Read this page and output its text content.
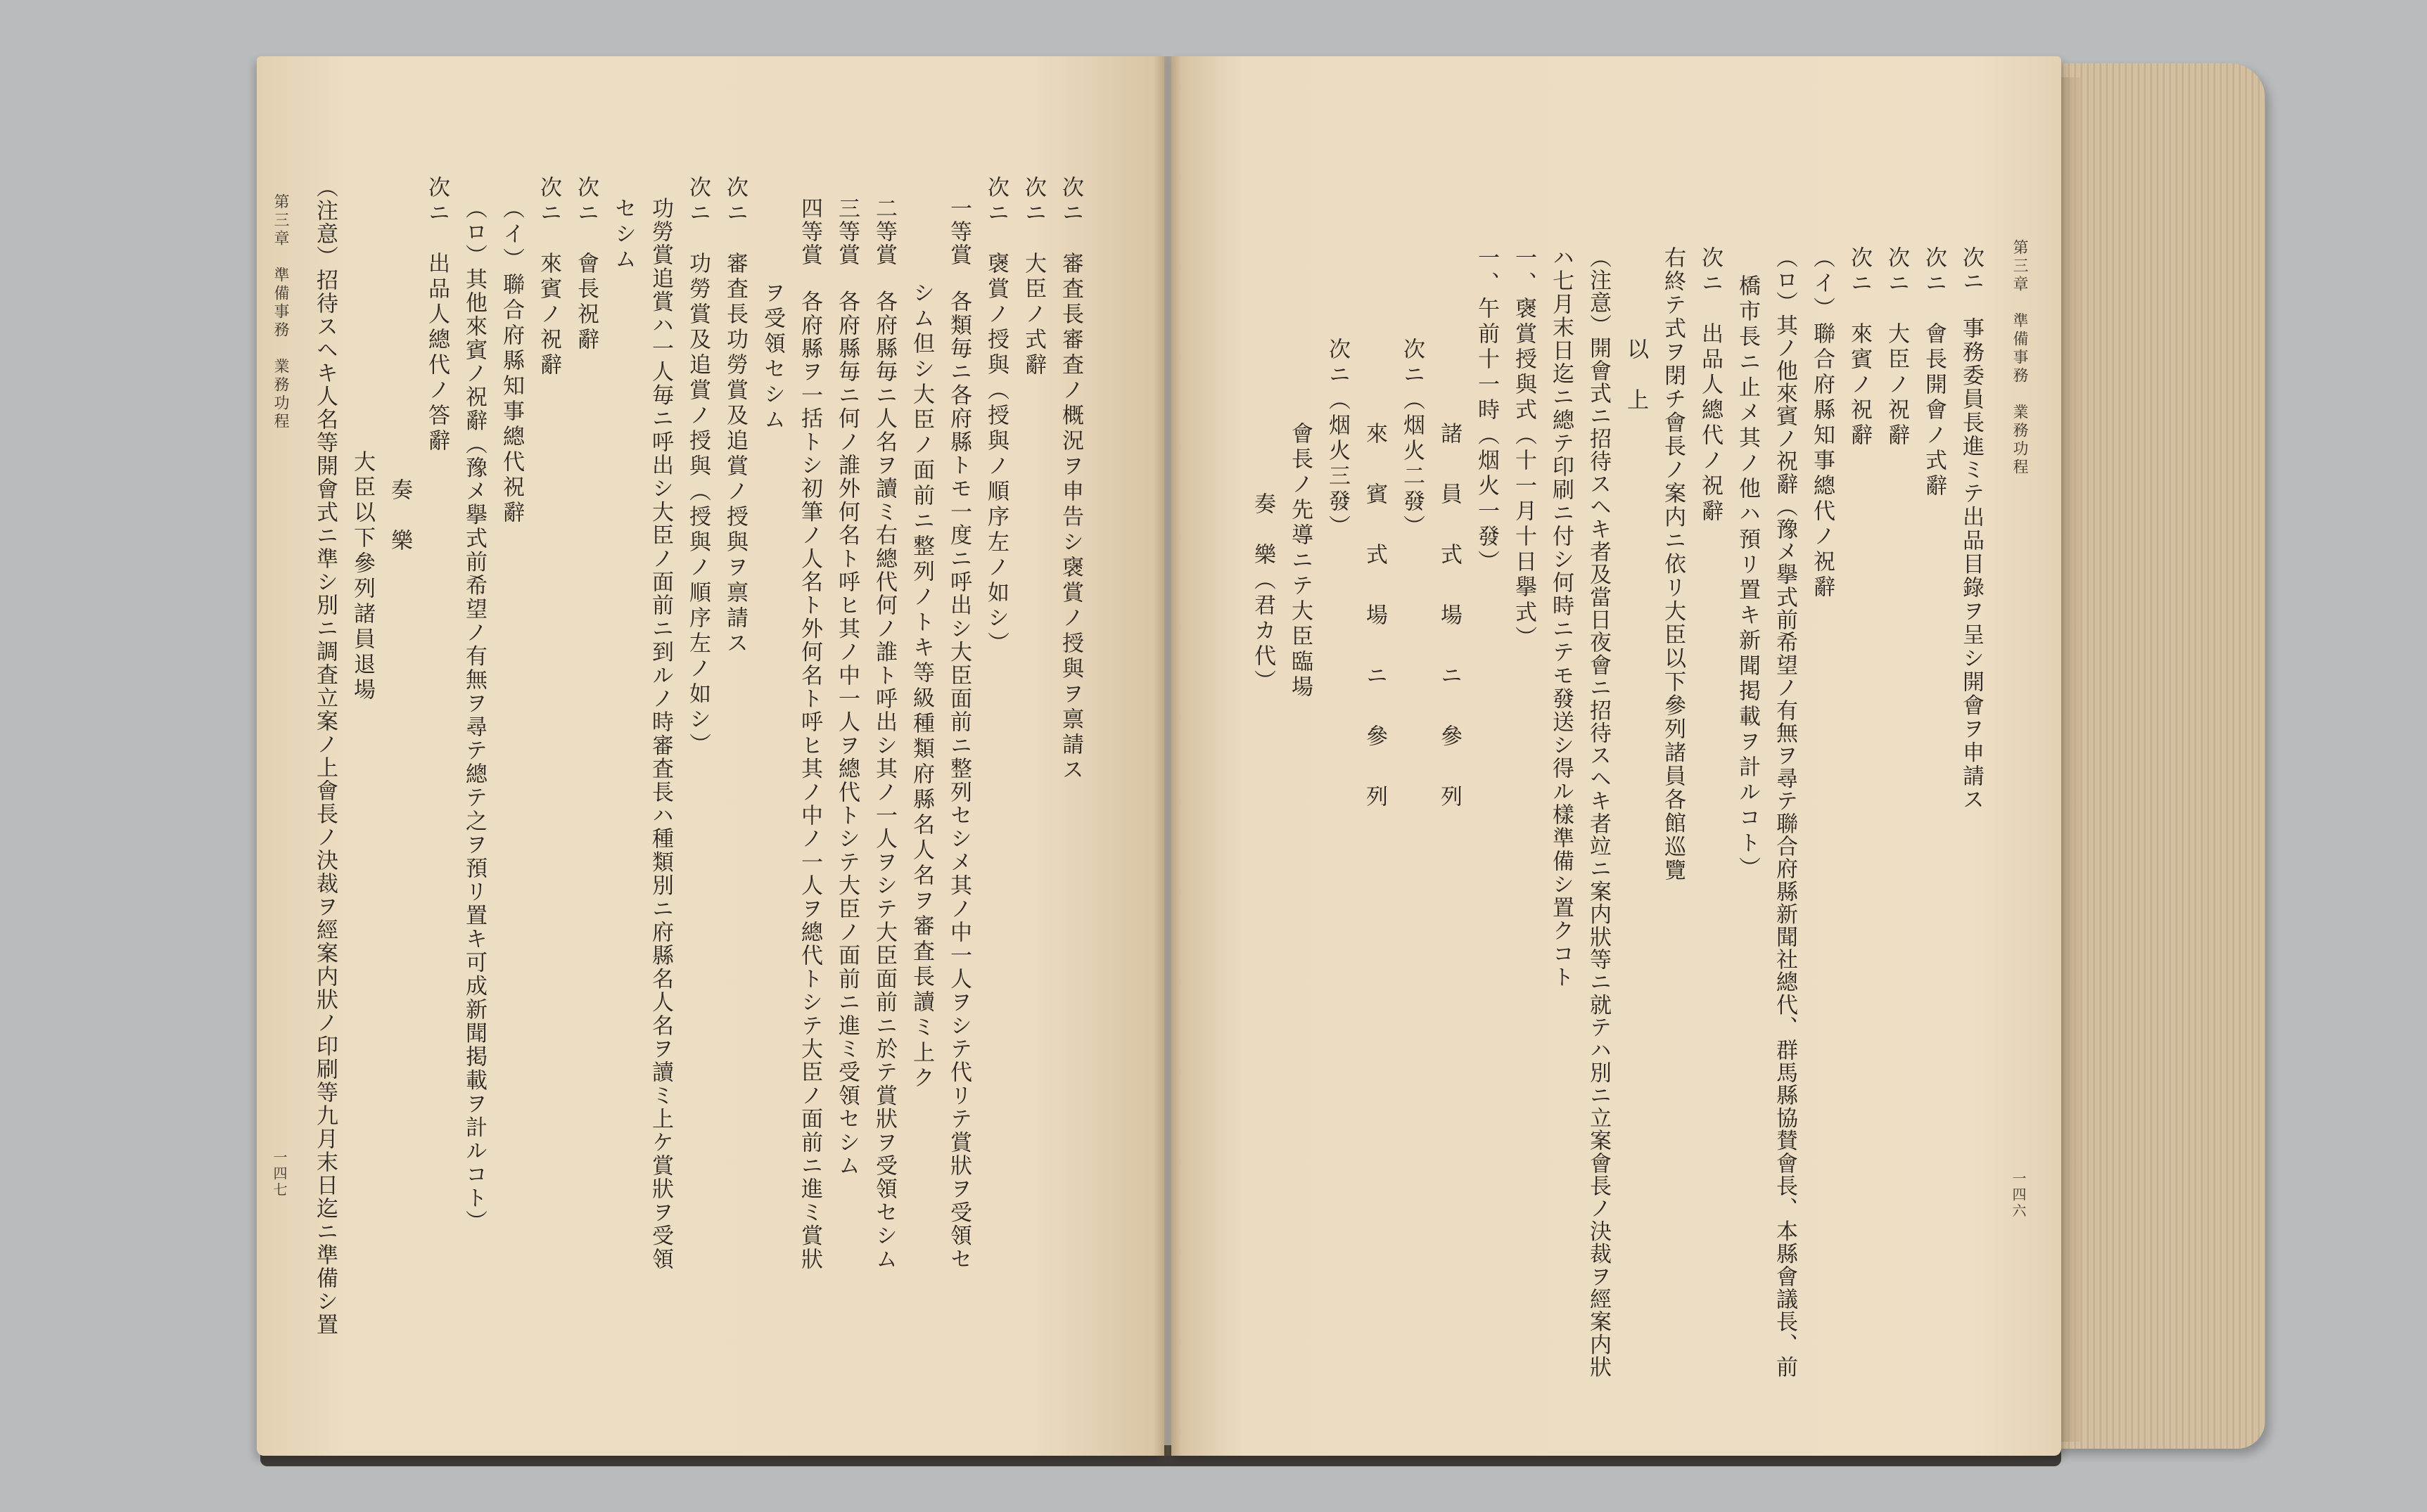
次ニ　審査長審査ノ概況ヲ申告シ襃賞ノ授與ヲ禀請ス
次ニ　大臣ノ式辭
次ニ　襃賞ノ授與（授與ノ順序左ノ如シ）
一等賞　各類毎ニ各府縣トモ一度ニ呼出シ大臣面前ニ整列セシメ其ノ中一人ヲシテ代リテ賞狀ヲ受領セ
シム但シ大臣ノ面前ニ整列ノトキ等級種類府縣名人名ヲ審査長讀ミ上ク
二等賞　各府縣毎ニ人名ヲ讀ミ右總代何ノ誰ト呼出シ其ノ一人ヲシテ大臣面前ニ於テ賞狀ヲ受領セシム
三等賞　各府縣毎ニ何ノ誰外何名ト呼ヒ其ノ中一人ヲ總代トシテ大臣ノ面前ニ進ミ受領セシム
四等賞　各府縣ヲ一括トシ初筆ノ人名ト外何名ト呼ヒ其ノ中ノ一人ヲ總代トシテ大臣ノ面前ニ進ミ賞狀
ヲ受領セシム
次ニ　審査長功勞賞及追賞ノ授與ヲ禀請ス
次ニ　功勞賞及追賞ノ授與（授與ノ順序左ノ如シ）
功勞賞追賞ハ一人毎ニ呼出シ大臣ノ面前ニ到ルノ時審査長ハ種類別ニ府縣名人名ヲ讀ミ上ケ賞狀ヲ受領
セシム
次ニ　會長祝辭
次ニ　來賓ノ祝辭
（イ）聯合府縣知事總代祝辭
（ロ）其他來賓ノ祝辭（豫メ擧式前希望ノ有無ヲ尋テ總テ之ヲ預リ置キ可成新聞掲載ヲ計ルコト）
次ニ　出品人總代ノ答辭
奏　樂
大臣以下參列諸員退場
（注意）招待スヘキ人名等開會式ニ準シ別ニ調査立案ノ上會長ノ決裁ヲ經案内狀ノ印刷等九月末日迄ニ準備シ置
第三章　準備事務　業務功程
一四七
第三章　準備事務　業務功程
一四六
次ニ　事務委員長進ミテ出品目錄ヲ呈シ開會ヲ申請ス
次ニ　會長開會ノ式辭
次ニ　大臣ノ祝辭
次ニ　來賓ノ祝辭
（イ）聯合府縣知事總代ノ祝辭
（ロ）其ノ他來賓ノ祝辭（豫メ擧式前希望ノ有無ヲ尋テ聯合府縣新聞社總代、群馬縣協賛會長、本縣會議長、前
橋市長ニ止メ其ノ他ハ預リ置キ新聞掲載ヲ計ルコト）
次ニ　出品人總代ノ祝辭
右終テ式ヲ閉チ會長ノ案内ニ依リ大臣以下參列諸員各館巡覽
以　上
（注意）開會式ニ招待スヘキ者及當日夜會ニ招待スヘキ者竝ニ案内狀等ニ就テハ別ニ立案會長ノ決裁ヲ經案内狀
ハ七月末日迄ニ總テ印刷ニ付シ何時ニテモ發送シ得ル樣準備シ置クコト
一、襃賞授與式（十一月十日擧式）
一、午前十一時（烟火一發）
諸　員　式　場　ニ　參　列
次ニ（烟火二發）
來　賓　式　場　ニ　參　列
次ニ（烟火三發）
會長ノ先導ニテ大臣臨場
奏　樂（君カ代）
